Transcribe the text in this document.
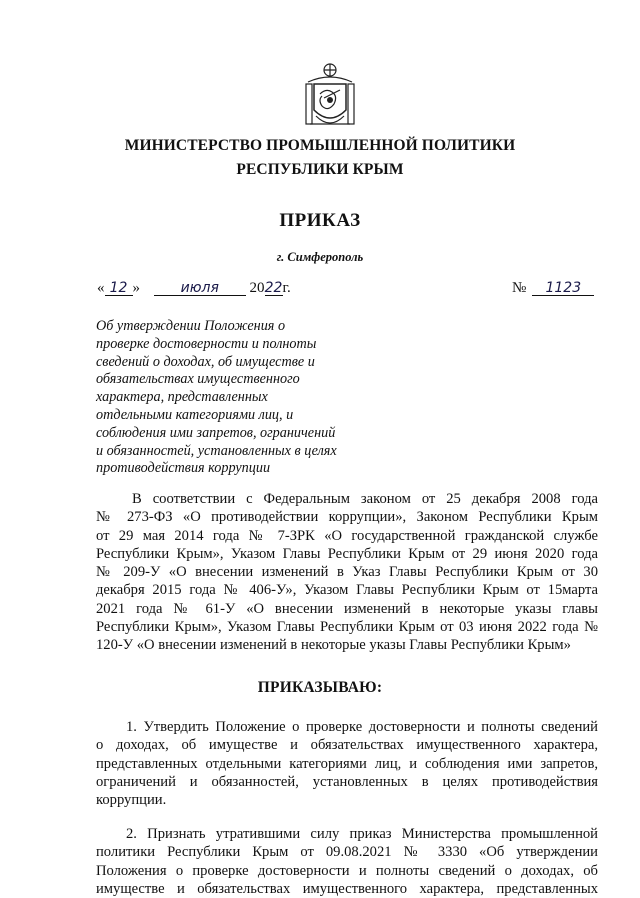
МИНИСТЕРСТВО ПРОМЫШЛЕННОЙ ПОЛИТИКИ
РЕСПУБЛИКИ КРЫМ
ПРИКАЗ
г. Симферополь
« 12 »	июля 2022г.	№ 1123
Об утверждении Положения о
проверке достоверности и полноты
сведений о доходах, об имуществе и
обязательствах имущественного
характера, представленных
отдельными категориями лиц, и
соблюдения ими запретов, ограничений
и обязанностей, установленных в целях
противодействия коррупции
В соответствии с Федеральным законом от 25 декабря 2008 года
№ 273-ФЗ «О противодействии коррупции», Законом Республики Крым
от 29 мая 2014 года № 7-ЗРК «О государственной гражданской службе
Республики Крым», Указом Главы Республики Крым от 29 июня 2020 года
№ 209-У «О внесении изменений в Указ Главы Республики Крым от 30
декабря 2015 года № 406-У», Указом Главы Республики Крым от 15марта
2021 года № 61-У «О внесении изменений в некоторые указы главы
Республики Крым», Указом Главы Республики Крым от 03 июня 2022 года №
120-У «О внесении изменений в некоторые указы Главы Республики Крым»
ПРИКАЗЫВАЮ:
1. Утвердить Положение о проверке достоверности и полноты сведений
о доходах, об имуществе и обязательствах имущественного характера,
представленных отдельными категориями лиц, и соблюдения ими запретов,
ограничений и обязанностей, установленных в целях противодействия
коррупции.
2. Признать утратившими силу приказ Министерства промышленной
политики Республики Крым от 09.08.2021 № 3330 «Об утверждении
Положения о проверке достоверности и полноты сведений о доходах, об
имуществе и обязательствах имущественного характера, представленных
